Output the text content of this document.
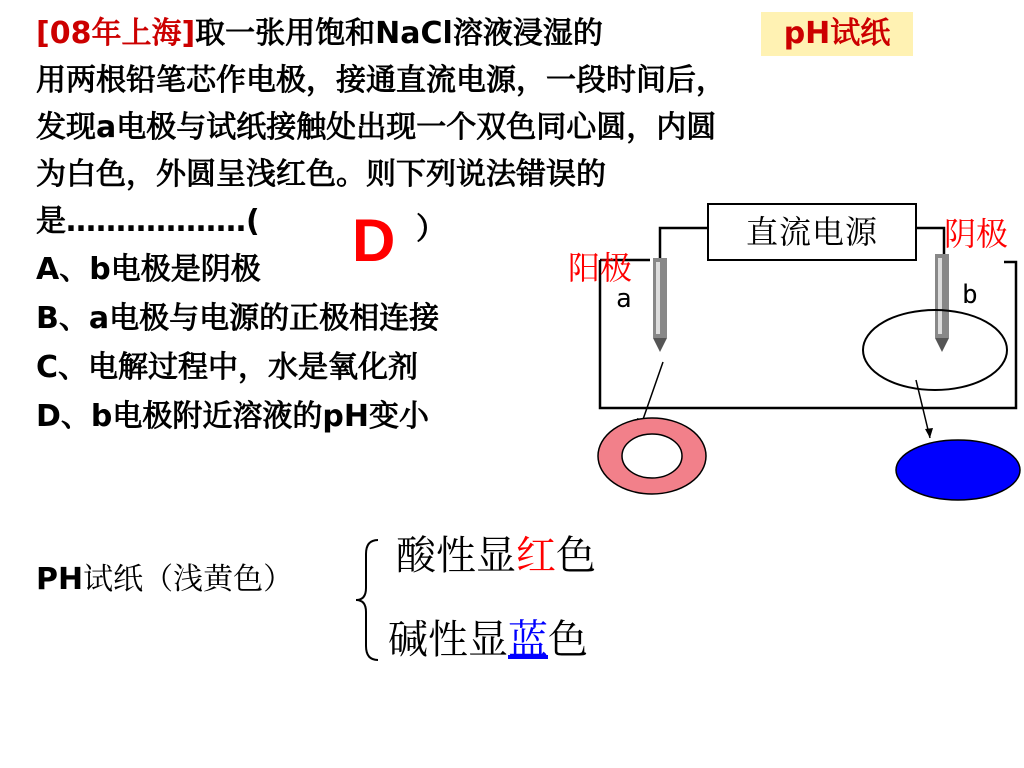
[08年上海]取一张用饱和NaCl溶液浸湿的
用两根铅笔芯作电极，接通直流电源，一段时间后，
发现a电极与试纸接触处出现一个双色同心圆，内圆
为白色，外圆呈浅红色。则下列说法错误的
是………………(
pH试纸
D ）
A、b电极是阴极
B、a电极与电源的正极相连接
C、电解过程中，水是氧化剂
D、b电极附近溶液的pH变小
直流电源
阳极
阴极
a	b
PH试纸（浅黄色）
酸性显红色
碱性显蓝色
